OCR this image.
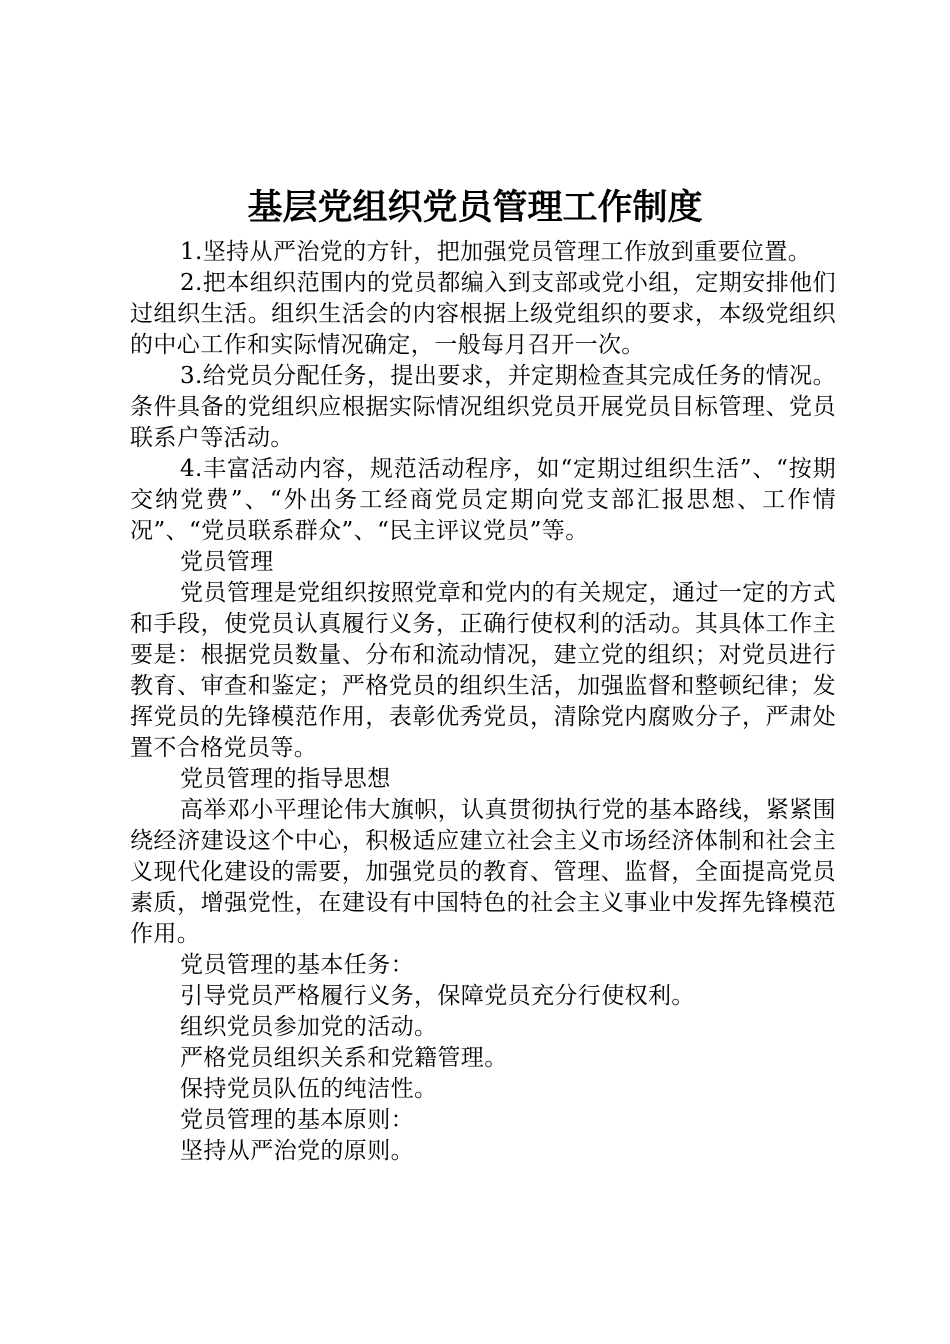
基层党组织党员管理工作制度

1.坚持从严治党的方针，把加强党员管理工作放到重要位置。

2.把本组织范围内的党员都编入到支部或党小组，定期安排他们过组织生活。组织生活会的内容根据上级党组织的要求，本级党组织的中心工作和实际情况确定，一般每月召开一次。

3.给党员分配任务，提出要求，并定期检查其完成任务的情况。条件具备的党组织应根据实际情况组织党员开展党员目标管理、党员联系户等活动。

4.丰富活动内容，规范活动程序，如“定期过组织生活”、“按期交纳党费”、“外出务工经商党员定期向党支部汇报思想、工作情况”、“党员联系群众”、“民主评议党员”等。

党员管理

党员管理是党组织按照党章和党内的有关规定，通过一定的方式和手段，使党员认真履行义务，正确行使权利的活动。其具体工作主要是：根据党员数量、分布和流动情况，建立党的组织；对党员进行教育、审查和鉴定；严格党员的组织生活，加强监督和整顿纪律；发挥党员的先锋模范作用，表彰优秀党员，清除党内腐败分子，严肃处置不合格党员等。

党员管理的指导思想

高举邓小平理论伟大旗帜，认真贯彻执行党的基本路线，紧紧围绕经济建设这个中心，积极适应建立社会主义市场经济体制和社会主义现代化建设的需要，加强党员的教育、管理、监督，全面提高党员素质，增强党性，在建设有中国特色的社会主义事业中发挥先锋模范作用。

党员管理的基本任务：

引导党员严格履行义务，保障党员充分行使权利。

组织党员参加党的活动。

严格党员组织关系和党籍管理。

保持党员队伍的纯洁性。

党员管理的基本原则：

坚持从严治党的原则。
